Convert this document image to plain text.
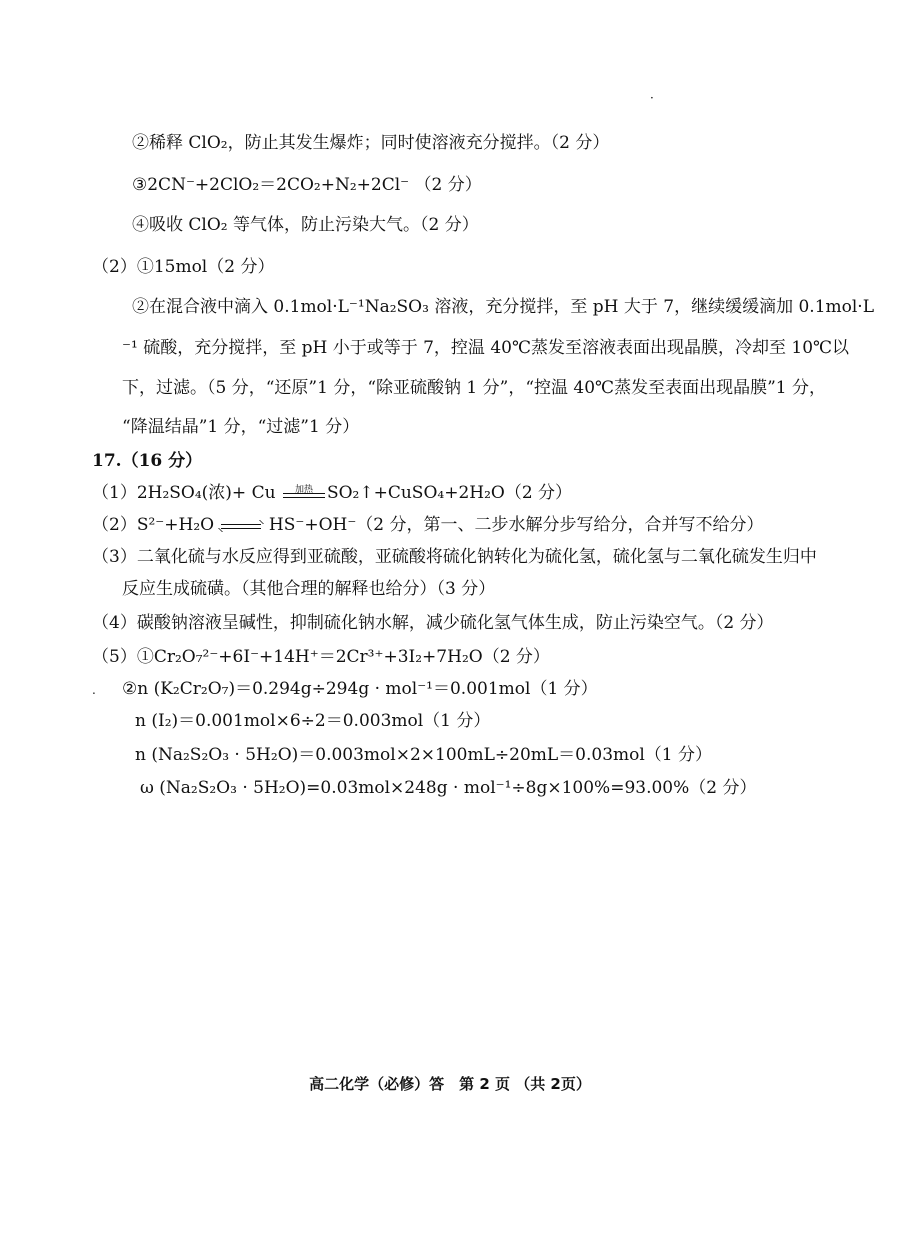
·
②稀释 ClO₂，防止其发生爆炸；同时使溶液充分搅拌。（2 分）
③2CN⁻+2ClO₂＝2CO₂+N₂+2Cl⁻ （2 分）
④吸收 ClO₂ 等气体，防止污染大气。（2 分）
（2）①15mol（2 分）
②在混合液中滴入 0.1mol·L⁻¹Na₂SO₃ 溶液，充分搅拌，至 pH 大于 7，继续缓缓滴加 0.1mol·L
⁻¹ 硫酸，充分搅拌，至 pH 小于或等于 7，控温 40℃蒸发至溶液表面出现晶膜，冷却至 10℃以
下，过滤。（5 分，“还原”1 分，“除亚硫酸钠 1 分”，“控温 40℃蒸发至表面出现晶膜”1 分，
“降温结晶”1 分，“过滤”1 分）
17.（16 分）
（1）2H₂SO₄(浓)+ Cu	加热 SO₂↑+CuSO₄+2H₂O（2 分）
（2）S²⁻+H₂O	HS⁻+OH⁻（2 分，第一、二步水解分步写给分，合并写不给分）
（3）二氧化硫与水反应得到亚硫酸，亚硫酸将硫化钠转化为硫化氢，硫化氢与二氧化硫发生归中
反应生成硫磺。（其他合理的解释也给分）（3 分）
（4）碳酸钠溶液呈碱性，抑制硫化钠水解，减少硫化氢气体生成，防止污染空气。（2 分）
（5）①Cr₂O₇²⁻+6I⁻+14H⁺＝2Cr³⁺+3I₂+7H₂O（2 分）
. ②n (K₂Cr₂O₇)＝0.294g÷294g · mol⁻¹＝0.001mol（1 分）
n (I₂)＝0.001mol×6÷2＝0.003mol（1 分）
n (Na₂S₂O₃ · 5H₂O)＝0.003mol×2×100mL÷20mL＝0.03mol（1 分）
ω (Na₂S₂O₃ · 5H₂O)=0.03mol×248g · mol⁻¹÷8g×100%=93.00%（2 分）
高二化学（必修）答　第 2 页 （共 2页）
